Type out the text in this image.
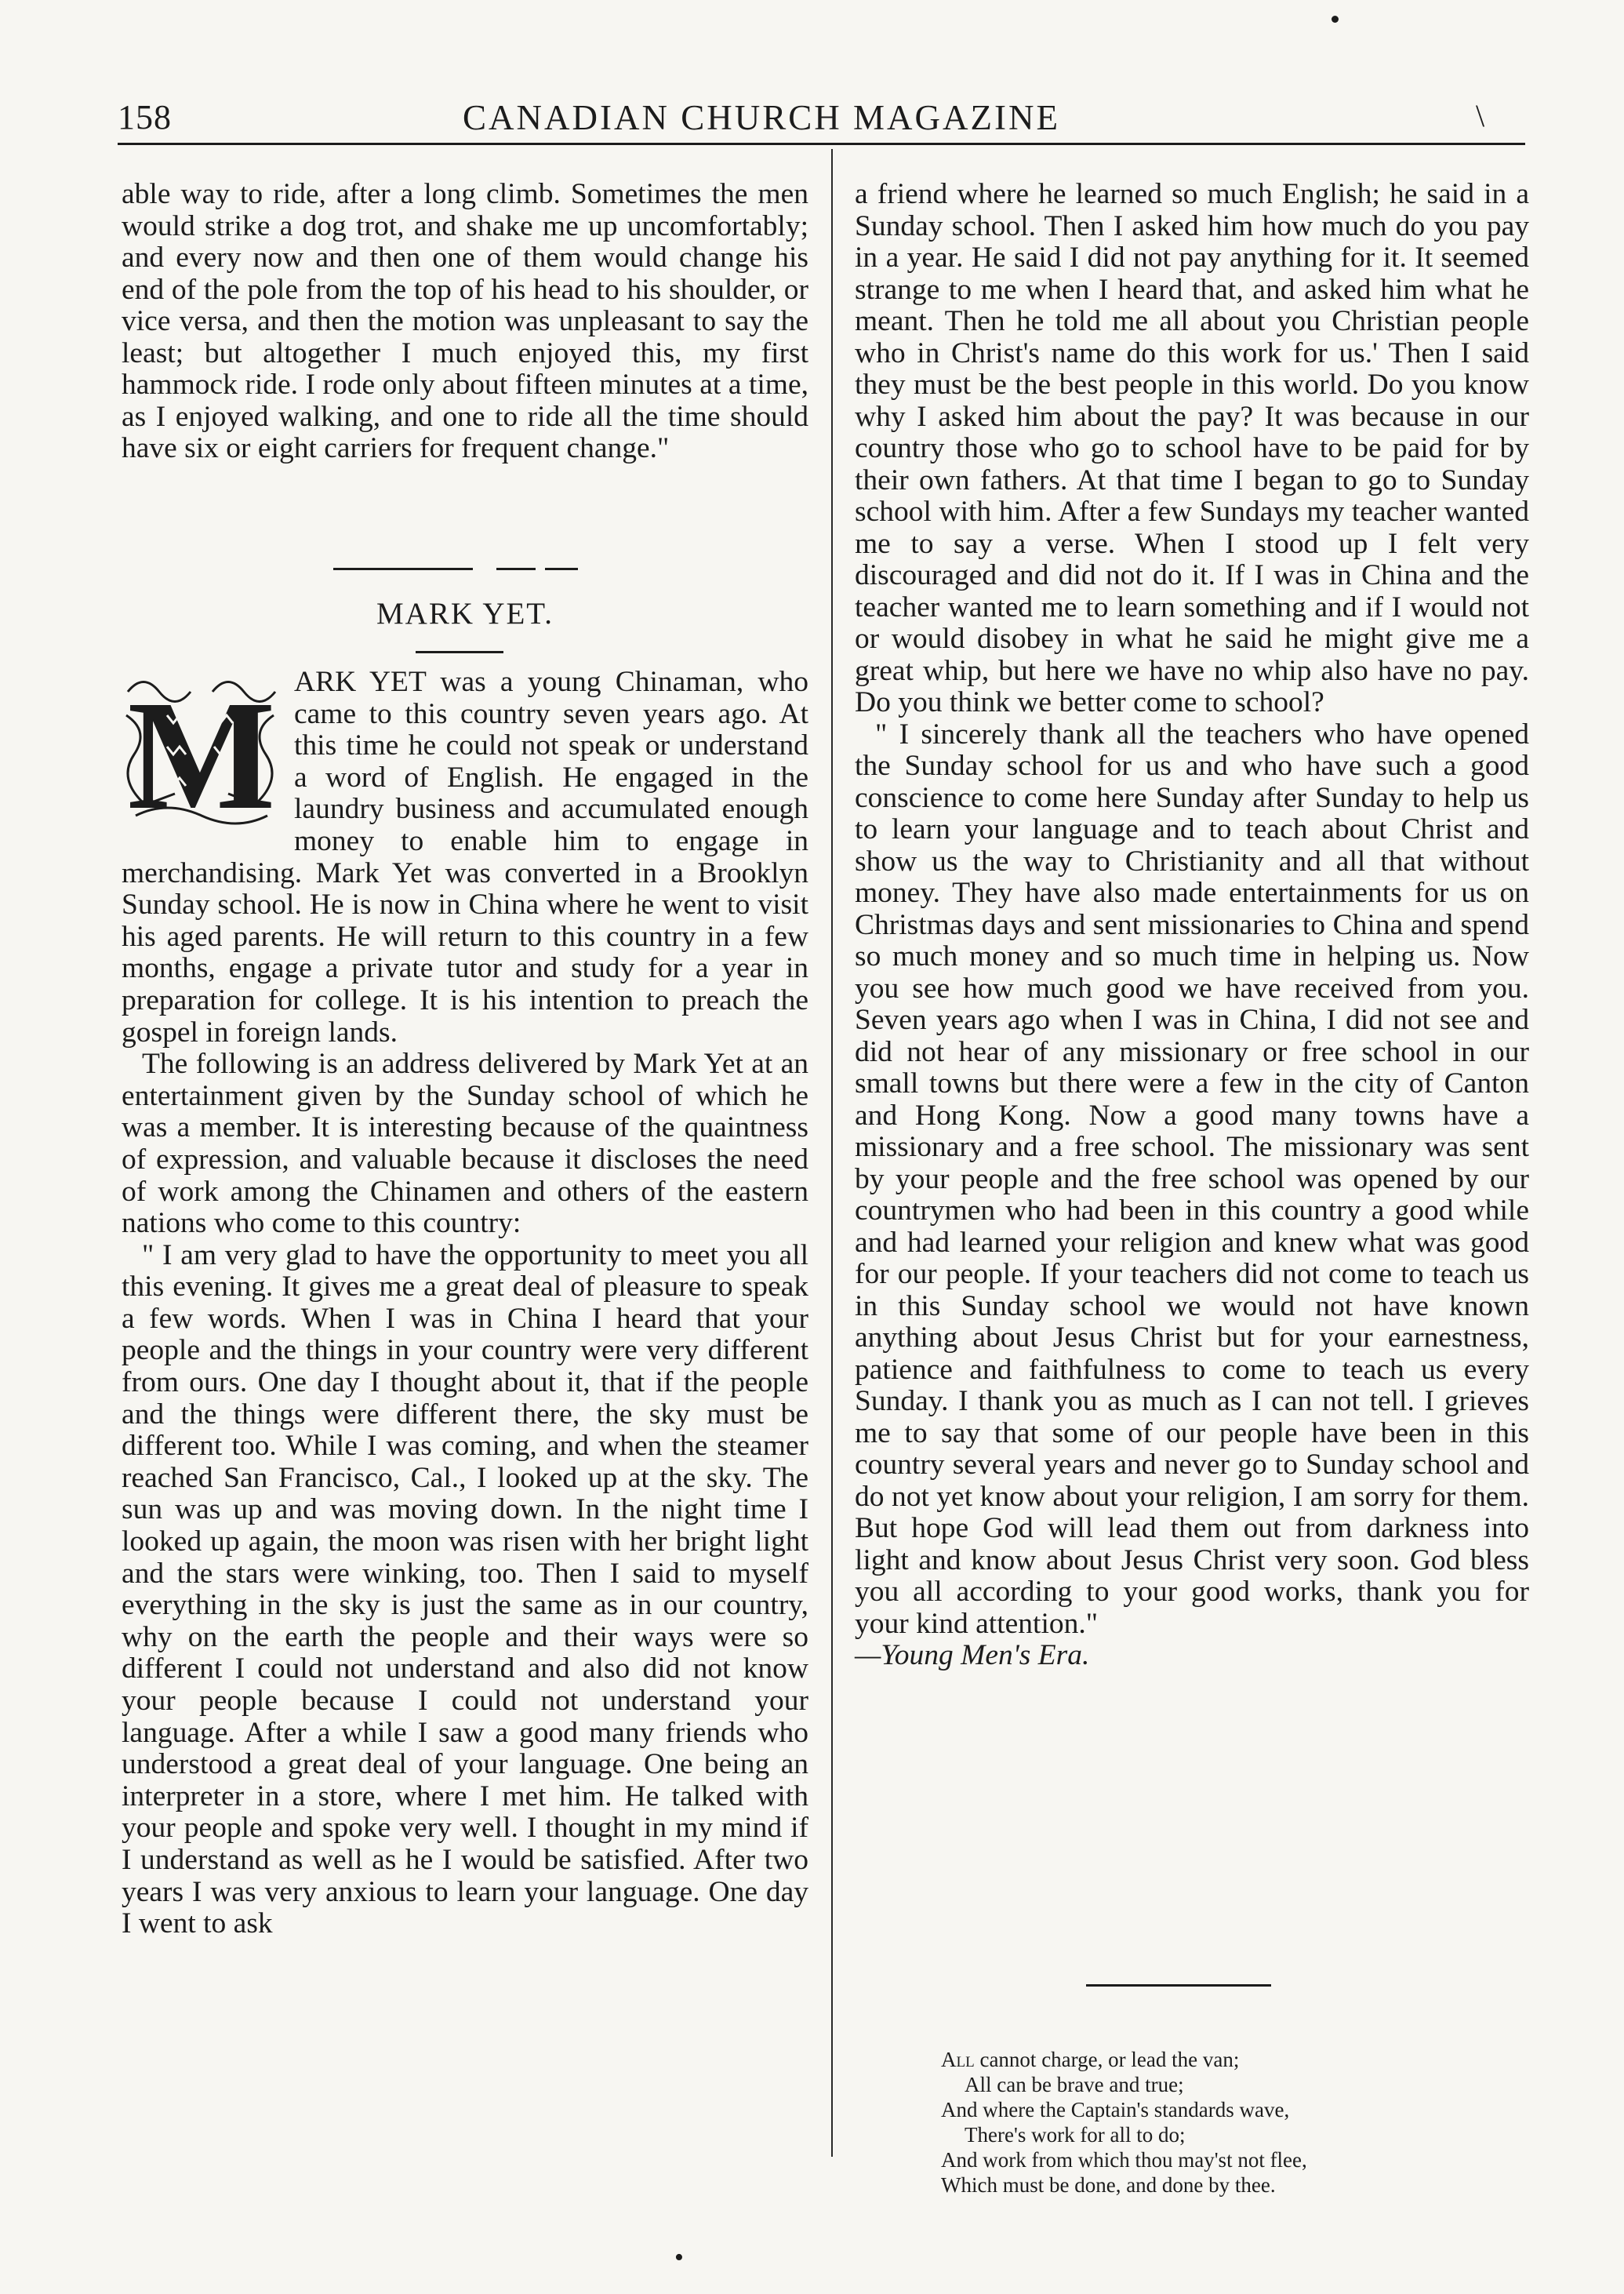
158	CANADIAN CHURCH MAGAZINE	\

able way to ride, after a long climb. Sometimes the men would strike a dog trot, and shake me up uncomfortably; and every now and then one of them would change his end of the pole from the top of his head to his shoulder, or vice versa, and then the motion was unpleasant to say the least; but altogether I much enjoyed this, my first hammock ride. I rode only about fifteen minutes at a time, as I enjoyed walking, and one to ride all the time should have six or eight carriers for frequent change."

MARK YET.
M ARK YET was a young Chinaman, who came to this country seven years ago. At this time he could not speak or understand a word of English. He engaged in the laundry business and accumulated enough money to enable him to engage in merchandising. Mark Yet was converted in a Brooklyn Sunday school. He is now in China where he went to visit his aged parents. He will return to this country in a few months, engage a private tutor and study for a year in preparation for college. It is his intention to preach the gospel in foreign lands.

The following is an address delivered by Mark Yet at an entertainment given by the Sunday school of which he was a member. It is interesting because of the quaintness of expression, and valuable because it discloses the need of work among the Chinamen and others of the eastern nations who come to this country:

" I am very glad to have the opportunity to meet you all this evening. It gives me a great deal of pleasure to speak a few words. When I was in China I heard that your people and the things in your country were very different from ours. One day I thought about it, that if the people and the things were different there, the sky must be different too. While I was coming, and when the steamer reached San Francisco, Cal., I looked up at the sky. The sun was up and was moving down. In the night time I looked up again, the moon was risen with her bright light and the stars were winking, too. Then I said to myself everything in the sky is just the same as in our country, why on the earth the people and their ways were so different I could not understand and also did not know your people because I could not understand your language. After a while I saw a good many friends who understood a great deal of your language. One being an interpreter in a store, where I met him. He talked with your people and spoke very well. I thought in my mind if I understand as well as he I would be satisfied. After two years I was very anxious to learn your language. One day I went to ask

a friend where he learned so much English; he said in a Sunday school. Then I asked him how much do you pay in a year. He said I did not pay anything for it. It seemed strange to me when I heard that, and asked him what he meant. Then he told me all about you Christian people who in Christ's name do this work for us.' Then I said they must be the best people in this world. Do you know why I asked him about the pay? It was because in our country those who go to school have to be paid for by their own fathers. At that time I began to go to Sunday school with him. After a few Sundays my teacher wanted me to say a verse. When I stood up I felt very discouraged and did not do it. If I was in China and the teacher wanted me to learn something and if I would not or would disobey in what he said he might give me a great whip, but here we have no whip also have no pay. Do you think we better come to school?

" I sincerely thank all the teachers who have opened the Sunday school for us and who have such a good conscience to come here Sunday after Sunday to help us to learn your language and to teach about Christ and show us the way to Christianity and all that without money. They have also made entertainments for us on Christmas days and sent missionaries to China and spend so much money and so much time in helping us. Now you see how much good we have received from you. Seven years ago when I was in China, I did not see and did not hear of any missionary or free school in our small towns but there were a few in the city of Canton and Hong Kong. Now a good many towns have a missionary and a free school. The missionary was sent by your people and the free school was opened by our countrymen who had been in this country a good while and had learned your religion and knew what was good for our people. If your teachers did not come to teach us in this Sunday school we would not have known anything about Jesus Christ but for your earnestness, patience and faithfulness to come to teach us every Sunday. I thank you as much as I can not tell. I grieves me to say that some of our people have been in this country several years and never go to Sunday school and do not yet know about your religion, I am sorry for them. But hope God will lead them out from darkness into light and know about Jesus Christ very soon. God bless you all according to your good works, thank you for your kind attention."

—Young Men's Era.

All cannot charge, or lead the van;
All can be brave and true;
And where the Captain's standards wave,
There's work for all to do;
And work from which thou may'st not flee,
Which must be done, and done by thee.
•
